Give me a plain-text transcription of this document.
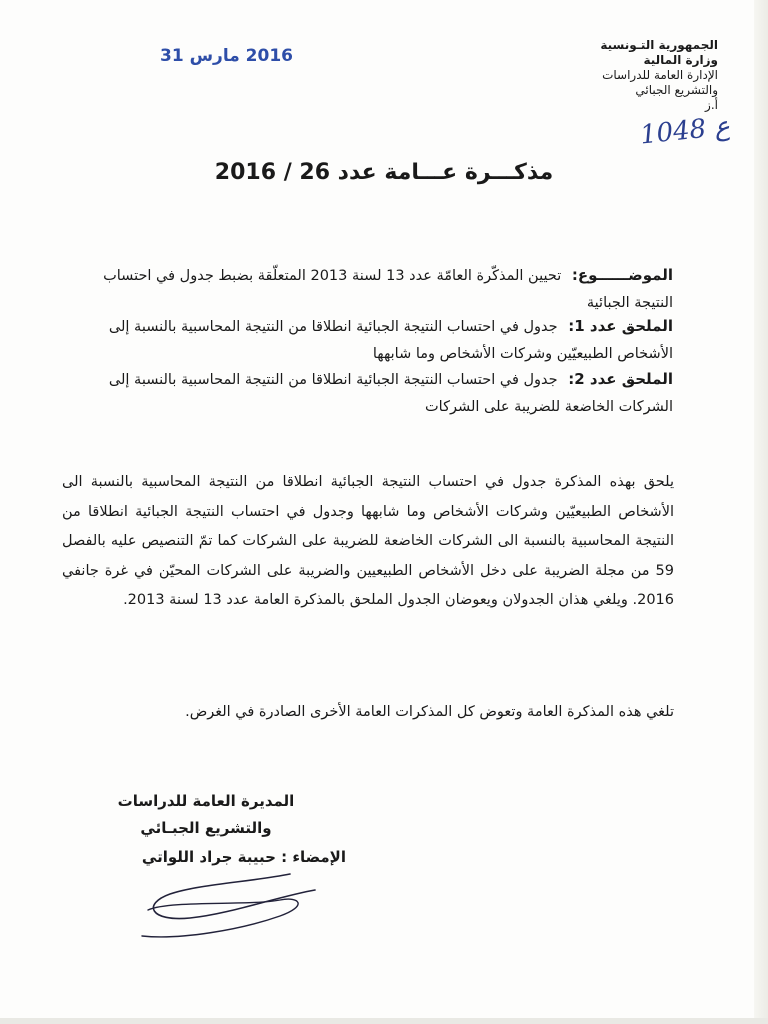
الجمهورية التـونسية
وزارة المالية
الإدارة العامة للدراسات
والتشريع الجبائي
أ.ز
ع 1048
2016 مارس 31
مذكـــرة عـــامة عدد 26 / 2016
الموضــــــوع: تحيين المذكّرة العامّة عدد 13 لسنة 2013 المتعلّقة بضبط جدول في احتساب النتيجة الجبائية
الملحق عدد 1: جدول في احتساب النتيجة الجبائية انطلاقا من النتيجة المحاسبية بالنسبة إلى الأشخاص الطبيعيّين وشركات الأشخاص وما شابهها
الملحق عدد 2: جدول في احتساب النتيجة الجبائية انطلاقا من النتيجة المحاسبية بالنسبة إلى الشركات الخاضعة للضريبة على الشركات
يلحق بهذه المذكرة جدول في احتساب النتيجة الجبائية انطلاقا من النتيجة المحاسبية بالنسبة الى الأشخاص الطبيعيّين وشركات الأشخاص وما شابهها وجدول في احتساب النتيجة الجبائية انطلاقا من النتيجة المحاسبية بالنسبة الى الشركات الخاضعة للضريبة على الشركات كما تمّ التنصيص عليه بالفصل 59 من مجلة الضريبة على دخل الأشخاص الطبيعيين والضريبة على الشركات المحيّن في غرة جانفي 2016. ويلغي هذان الجدولان ويعوضان الجدول الملحق بالمذكرة العامة عدد 13 لسنة 2013.
تلغي هذه المذكرة العامة وتعوض كل المذكرات العامة الأخرى الصادرة في الغرض.
المديرة العامة للدراسات
والتشريع الجبـائي
الإمضاء : حبيبة جراد اللواتي
